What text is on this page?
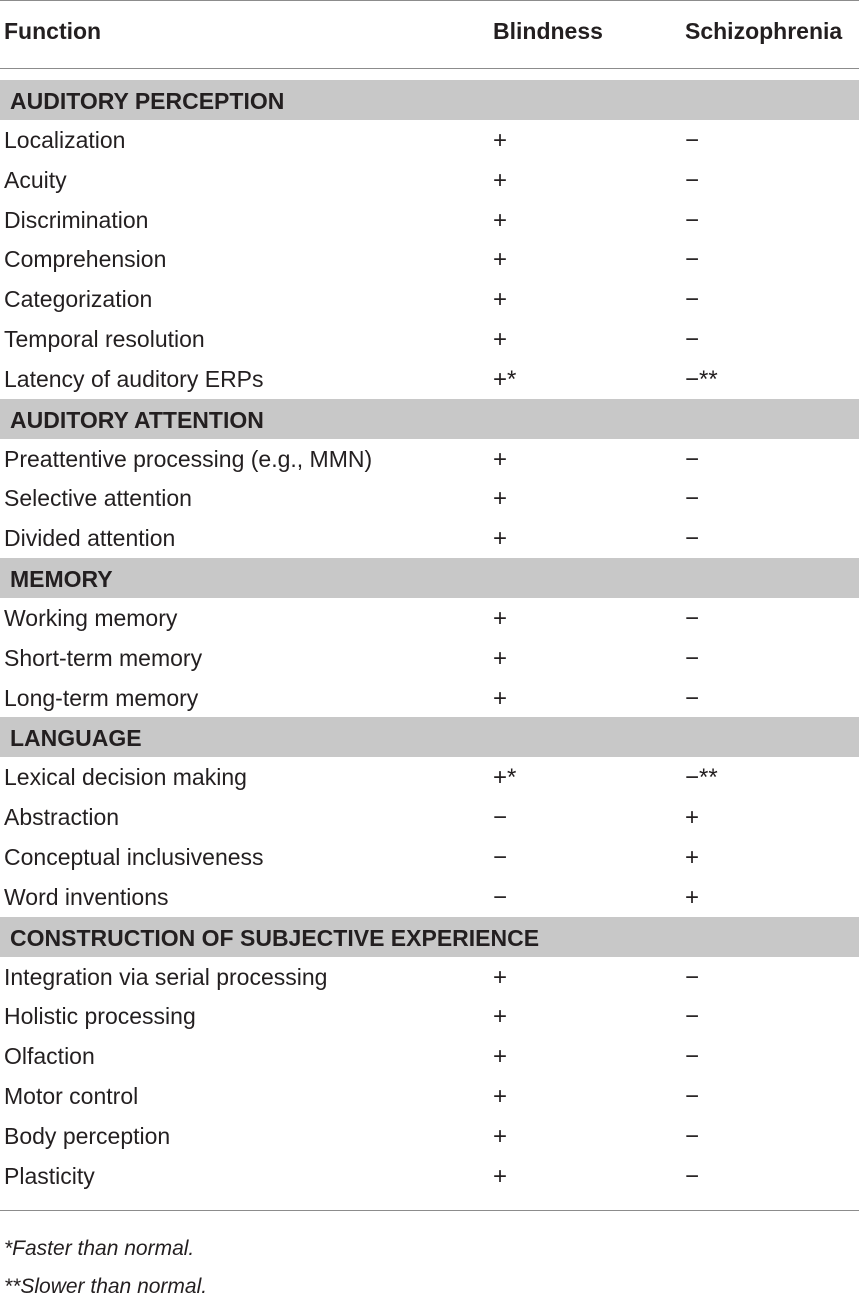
Function	Blindness	Schizophrenia
AUDITORY PERCEPTION
Localization	+	−
Acuity	+	−
Discrimination	+	−
Comprehension	+	−
Categorization	+	−
Temporal resolution	+	−
Latency of auditory ERPs	+*	−**
AUDITORY ATTENTION
Preattentive processing (e.g., MMN)	+	−
Selective attention	+	−
Divided attention	+	−
MEMORY
Working memory	+	−
Short-term memory	+	−
Long-term memory	+	−
LANGUAGE
Lexical decision making	+*	−**
Abstraction	−	+
Conceptual inclusiveness	−	+
Word inventions	−	+
CONSTRUCTION OF SUBJECTIVE EXPERIENCE
Integration via serial processing	+	−
Holistic processing	+	−
Olfaction	+	−
Motor control	+	−
Body perception	+	−
Plasticity	+	−
*Faster than normal.
**Slower than normal.
